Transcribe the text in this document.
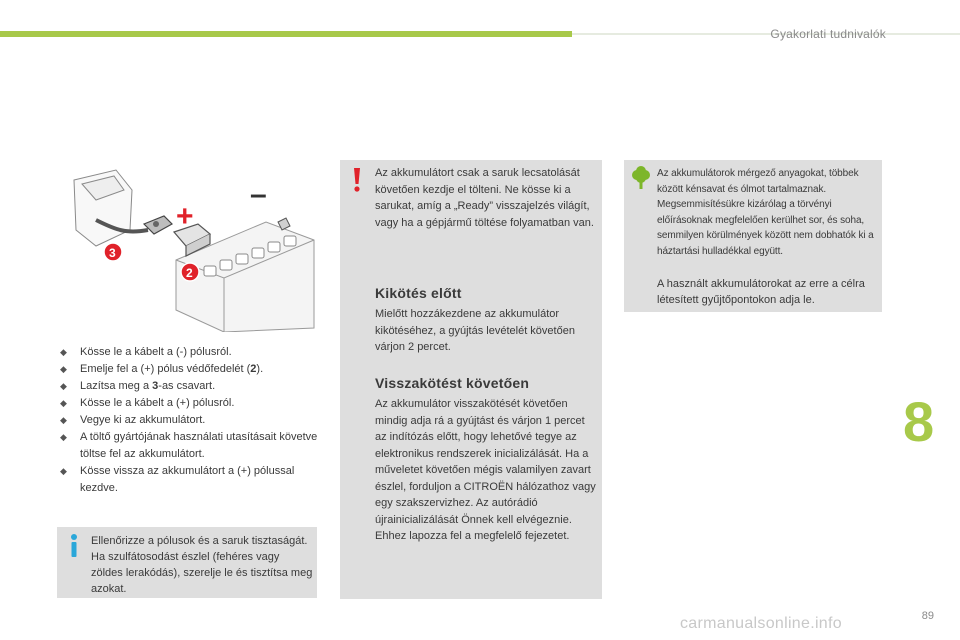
Gyakorlati tudnivalók
+
–
3
2
◆ Kösse le a kábelt a (-) pólusról.
◆ Emelje fel a (+) pólus védőfedelét (2).
◆ Lazítsa meg a 3-as csavart.
◆ Kösse le a kábelt a (+) pólusról.
◆ Vegye ki az akkumulátort.
◆ A töltő gyártójának használati utasításait követve töltse fel az akkumulátort.
◆ Kösse vissza az akkumulátort a (+) pólussal kezdve.
Ellenőrizze a pólusok és a saruk tisztaságát. Ha szulfátosodást észlel (fehéres vagy zöldes lerakódás), szerelje le és tisztítsa meg azokat.
Az akkumulátort csak a saruk lecsatolását követően kezdje el tölteni. Ne kösse ki a sarukat, amíg a „Ready” visszajelzés világít, vagy ha a gépjármű töltése folyamatban van.
Kikötés előtt
Mielőtt hozzákezdene az akkumulátor kikötéséhez, a gyújtás levételét követően várjon 2 percet.
Visszakötést követően
Az akkumulátor visszakötését követően mindig adja rá a gyújtást és várjon 1 percet az indítózás előtt, hogy lehetővé tegye az elektronikus rendszerek inicializálását. Ha a műveletet követően mégis valamilyen zavart észlel, forduljon a CITROËN hálózathoz vagy egy szakszervizhez. Az autórádió újrainicializálását Önnek kell elvégeznie. Ehhez lapozza fel a megfelelő fejezetet.
Az akkumulátorok mérgező anyagokat, többek között kénsavat és ólmot tartalmaznak. Megsemmisítésükre kizárólag a törvényi előírásoknak megfelelően kerülhet sor, és soha, semmilyen körülmények között nem dobhatók ki a háztartási hulladékkal együtt.
A használt akkumulátorokat az erre a célra létesített gyűjtőpontokon adja le.
8
carmanualsonline.info	89
